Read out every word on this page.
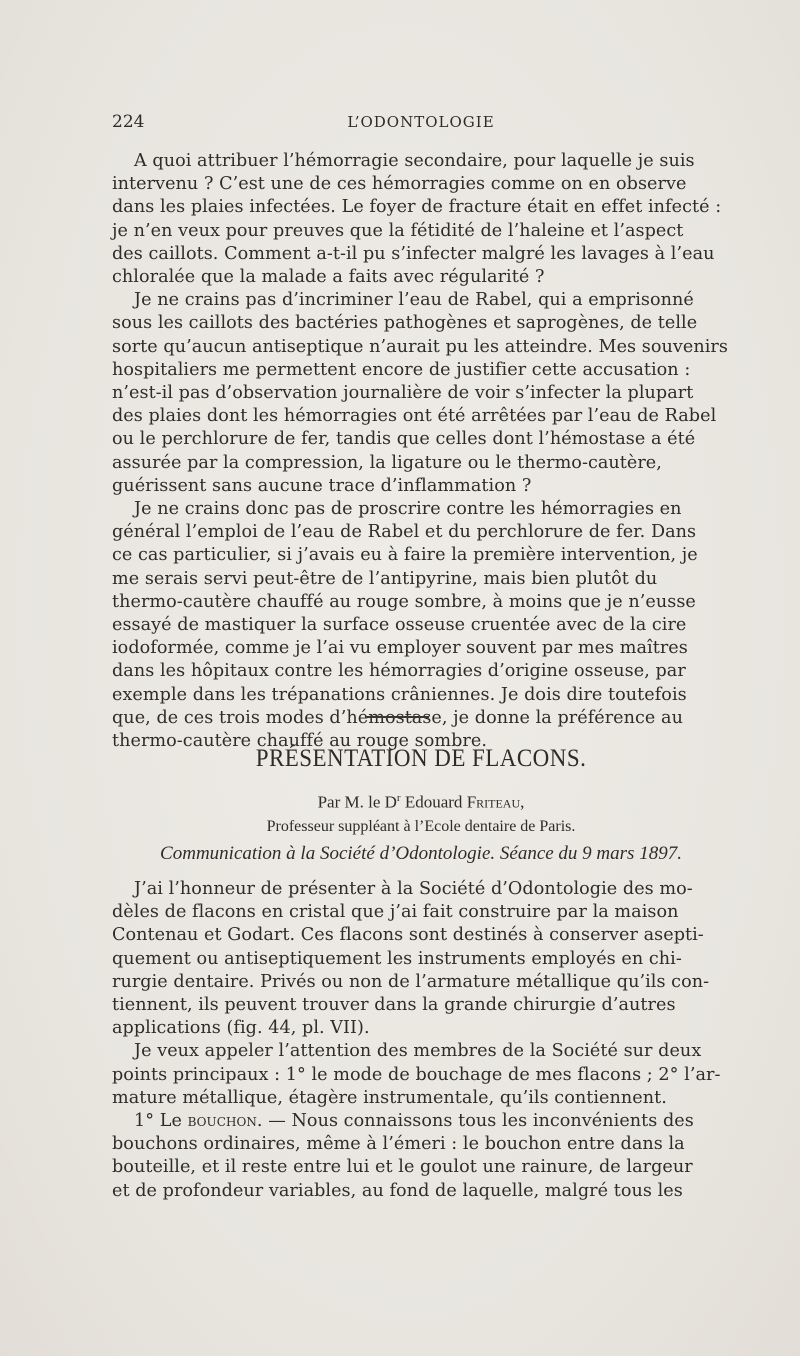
224	L’ODONTOLOGIE

A quoi attribuer l’hémorragie secondaire, pour laquelle je suis
intervenu ? C’est une de ces hémorragies comme on en observe
dans les plaies infectées. Le foyer de fracture était en effet infecté :
je n’en veux pour preuves que la fétidité de l’haleine et l’aspect
des caillots. Comment a-t-il pu s’infecter malgré les lavages à l’eau
chloralée que la malade a faits avec régularité ?

Je ne crains pas d’incriminer l’eau de Rabel, qui a emprisonné
sous les caillots des bactéries pathogènes et saprogènes, de telle
sorte qu’aucun antiseptique n’aurait pu les atteindre. Mes souvenirs
hospitaliers me permettent encore de justifier cette accusation :
n’est-il pas d’observation journalière de voir s’infecter la plupart
des plaies dont les hémorragies ont été arrêtées par l’eau de Rabel
ou le perchlorure de fer, tandis que celles dont l’hémostase a été
assurée par la compression, la ligature ou le thermo-cautère,
guérissent sans aucune trace d’inflammation ?

Je ne crains donc pas de proscrire contre les hémorragies en
général l’emploi de l’eau de Rabel et du perchlorure de fer. Dans
ce cas particulier, si j’avais eu à faire la première intervention, je
me serais servi peut-être de l’antipyrine, mais bien plutôt du
thermo-cautère chauffé au rouge sombre, à moins que je n’eusse
essayé de mastiquer la surface osseuse cruentée avec de la cire
iodoformée, comme je l’ai vu employer souvent par mes maîtres
dans les hôpitaux contre les hémorragies d’origine osseuse, par
exemple dans les trépanations crâniennes. Je dois dire toutefois
que, de ces trois modes d’hémostase, je donne la préférence au
thermo-cautère chauffé au rouge sombre.

PRÉSENTATION DE FLACONS.
Par M. le $D^r$ Edouard Friteau,
Professeur suppléant à l’Ecole dentaire de Paris.
Communication à la Société d’Odontologie. Séance du 9 mars 1897.

J’ai l’honneur de présenter à la Société d’Odontologie des mo-
dèles de flacons en cristal que j’ai fait construire par la maison
Contenau et Godart. Ces flacons sont destinés à conserver asepti-
quement ou antiseptiquement les instruments employés en chi-
rurgie dentaire. Privés ou non de l’armature métallique qu’ils con-
tiennent, ils peuvent trouver dans la grande chirurgie d’autres
applications (fig. 44, pl. VII).

Je veux appeler l’attention des membres de la Société sur deux
points principaux : 1° le mode de bouchage de mes flacons ; 2° l’ar-
mature métallique, étagère instrumentale, qu’ils contiennent.

1° Le bouchon. — Nous connaissons tous les inconvénients des
bouchons ordinaires, même à l’émeri : le bouchon entre dans la
bouteille, et il reste entre lui et le goulot une rainure, de largeur
et de profondeur variables, au fond de laquelle, malgré tous les
